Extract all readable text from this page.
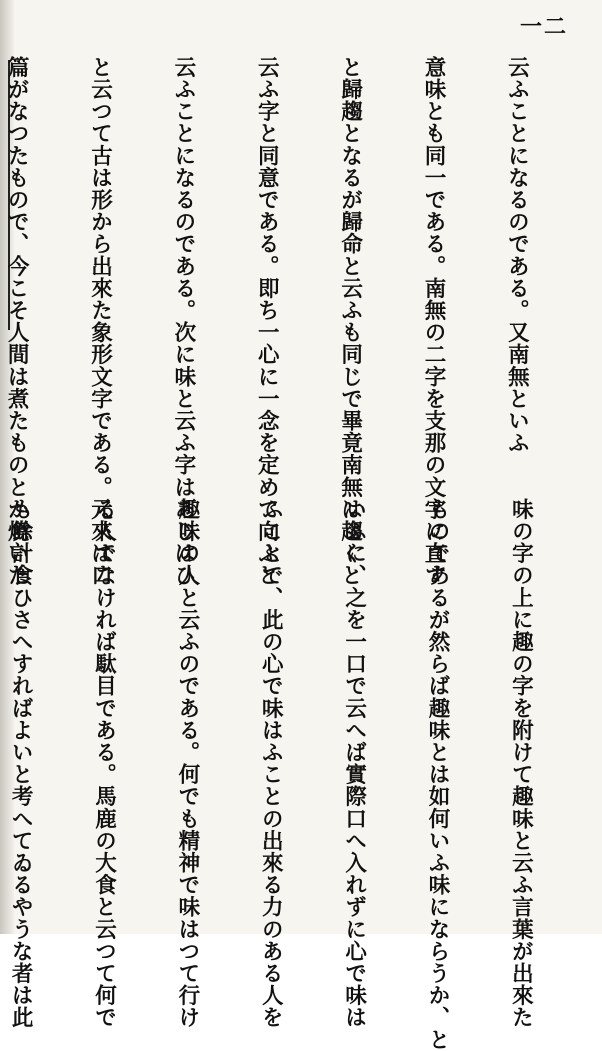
一二

云ふことになるのである。又南無といふ

意味とも同一である。南無の二字を支那の文字に直す

と歸趨となるが歸命と云ふも同じで畢竟南無は趨くと

云ふ字と同意である。即ち一心に一念を定めて向ふと

云ふことになるのである。次に味と云ふ字はあじはひ

と云つて古は形から出來た象形文字である。元來は口

篇がなつたもので、今こそ人間は煮たものとか燒いた

味の字の上に趣の字を附けて趣味と云ふ言葉が出來た

ものであるが然らば趣味とは如何いふ味にならうか、と

いふに、之を一口で云へば實際口へ入れずに心で味は

ふことで、此の心で味はふことの出來る力のある人を

趣味の人と云ふのである。何でも精神で味はつて行け

る人でなければ駄目である。馬鹿の大食と云つて何で

も餘計食ひさへすればよいと考へてゐるやうな者は此
